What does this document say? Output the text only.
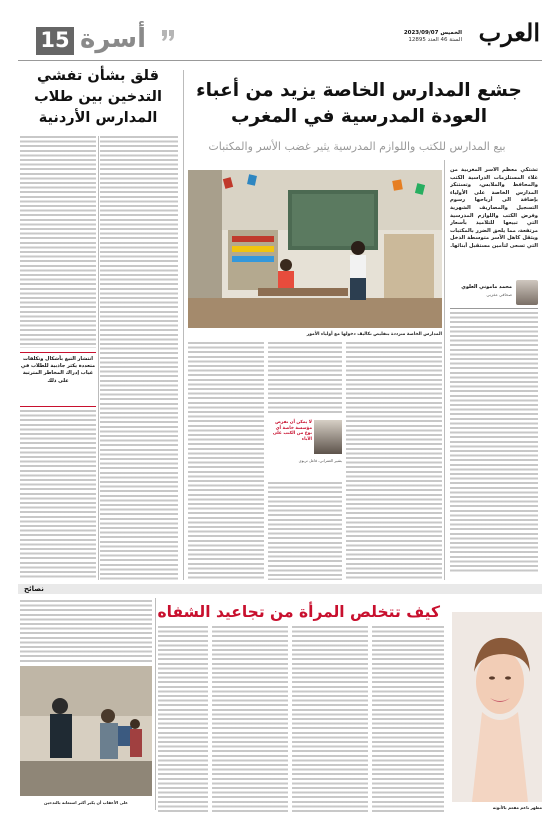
العرب
الخميس 2023/09/07
السنة 46 العدد 12895
15 أسرة
جشع المدارس الخاصة يزيد من أعباء
العودة المدرسية في المغرب
بيع المدارس للكتب واللوازم المدرسية يثير غضب الأسر والمكتبات
تشتكي معظم الأسر المغربية من غلاء المستلزمات الدراسية الكتب والمحافظ والملابس، وتستنكر المدارس الخاصة على الأولياء بإضافة الى أرباحها رسوم التسجيل والمصاريف الشهرية وفرض الكتب واللوازم المدرسية التي تبيعها للتلاميذ بأسعار مرتفعة، مما يلحق الضرر بالمكتبات ويثقل كاهل الأسر متوسطة الدخل التي تسعى لتأمين مستقبل أبنائها.
محمد ماموني العلوي
صحافي مغربي
المدارس الخاصة مترددة بتقليص تكاليف دخولها مع أولياء الأمور
لا يمكن أن تفرض مؤسسة خاصة أي نوع من الكتب على الآباء
بشير العمراني، فاعل تربوي
قلق بشأن تفشي
التدخين بين طلاب
المدارس الأردنية
انتشار التبغ بأشكال وتكلفات متعددة يكثر جاذبية للطلاب في غياب إدراك المخاطر المترتبة على ذلك
نصائح
كيف تتخلص المرأة من تجاعيد الشفاه
مظهر ناعم مفعم بالأنوثة
على الأعقاب أن يكبر أكثر استعانة بالتدخين
